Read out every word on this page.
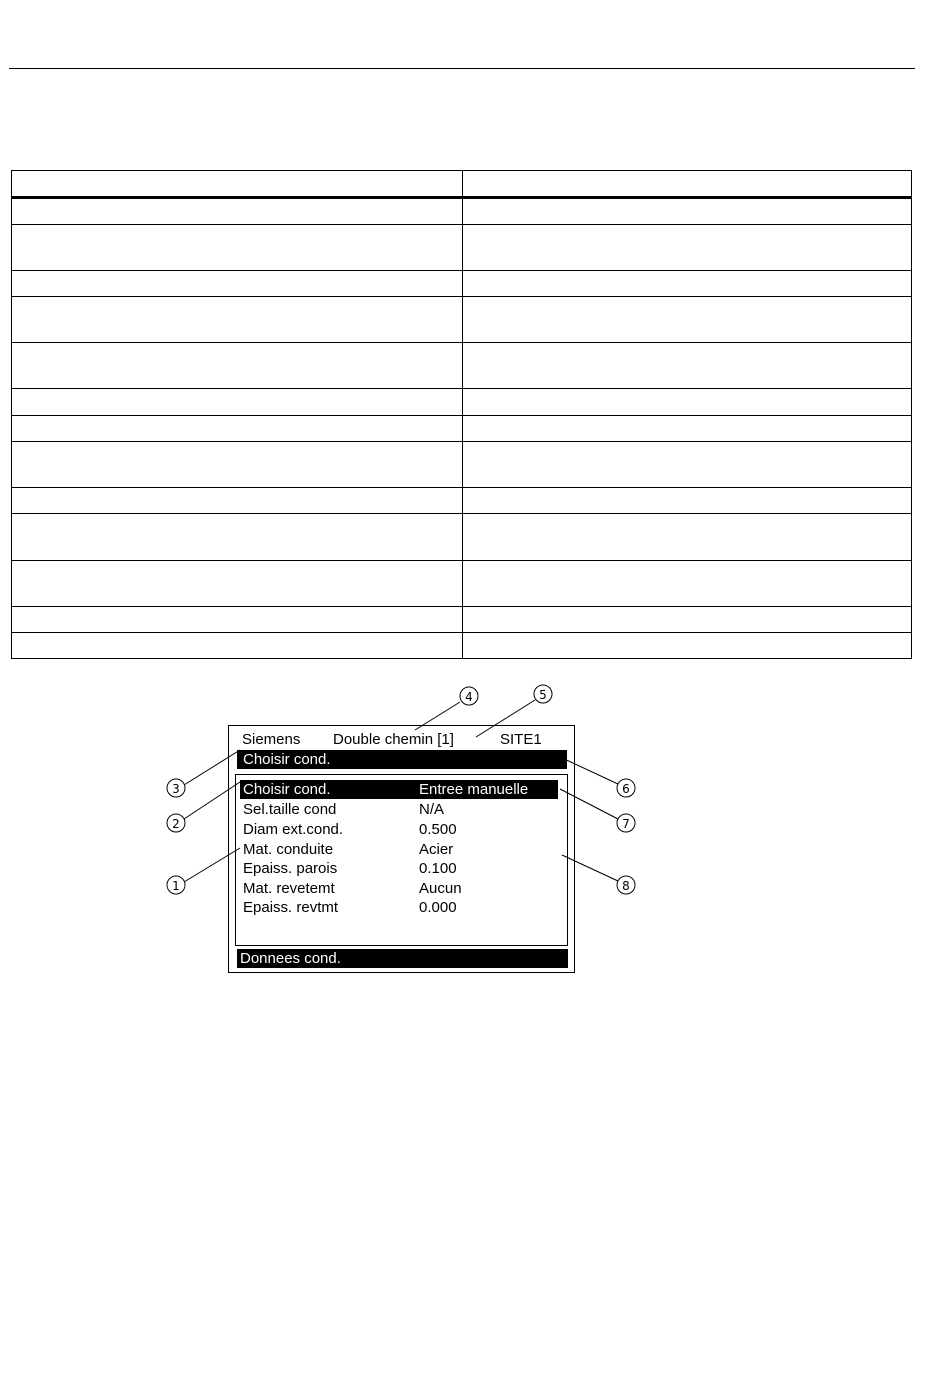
Siemens Double chemin [1]	SITE1
Choisir cond.
Choisir cond.	Entree manuelle
Sel.taille cond	N/A
Diam ext.cond.	0.500
Mat. conduite	Acier
Epaiss. parois	0.100
Mat. revetemt	Aucun
Epaiss. revtmt	0.000
Donnees cond.
4	5
3
2
1
6
7
8
